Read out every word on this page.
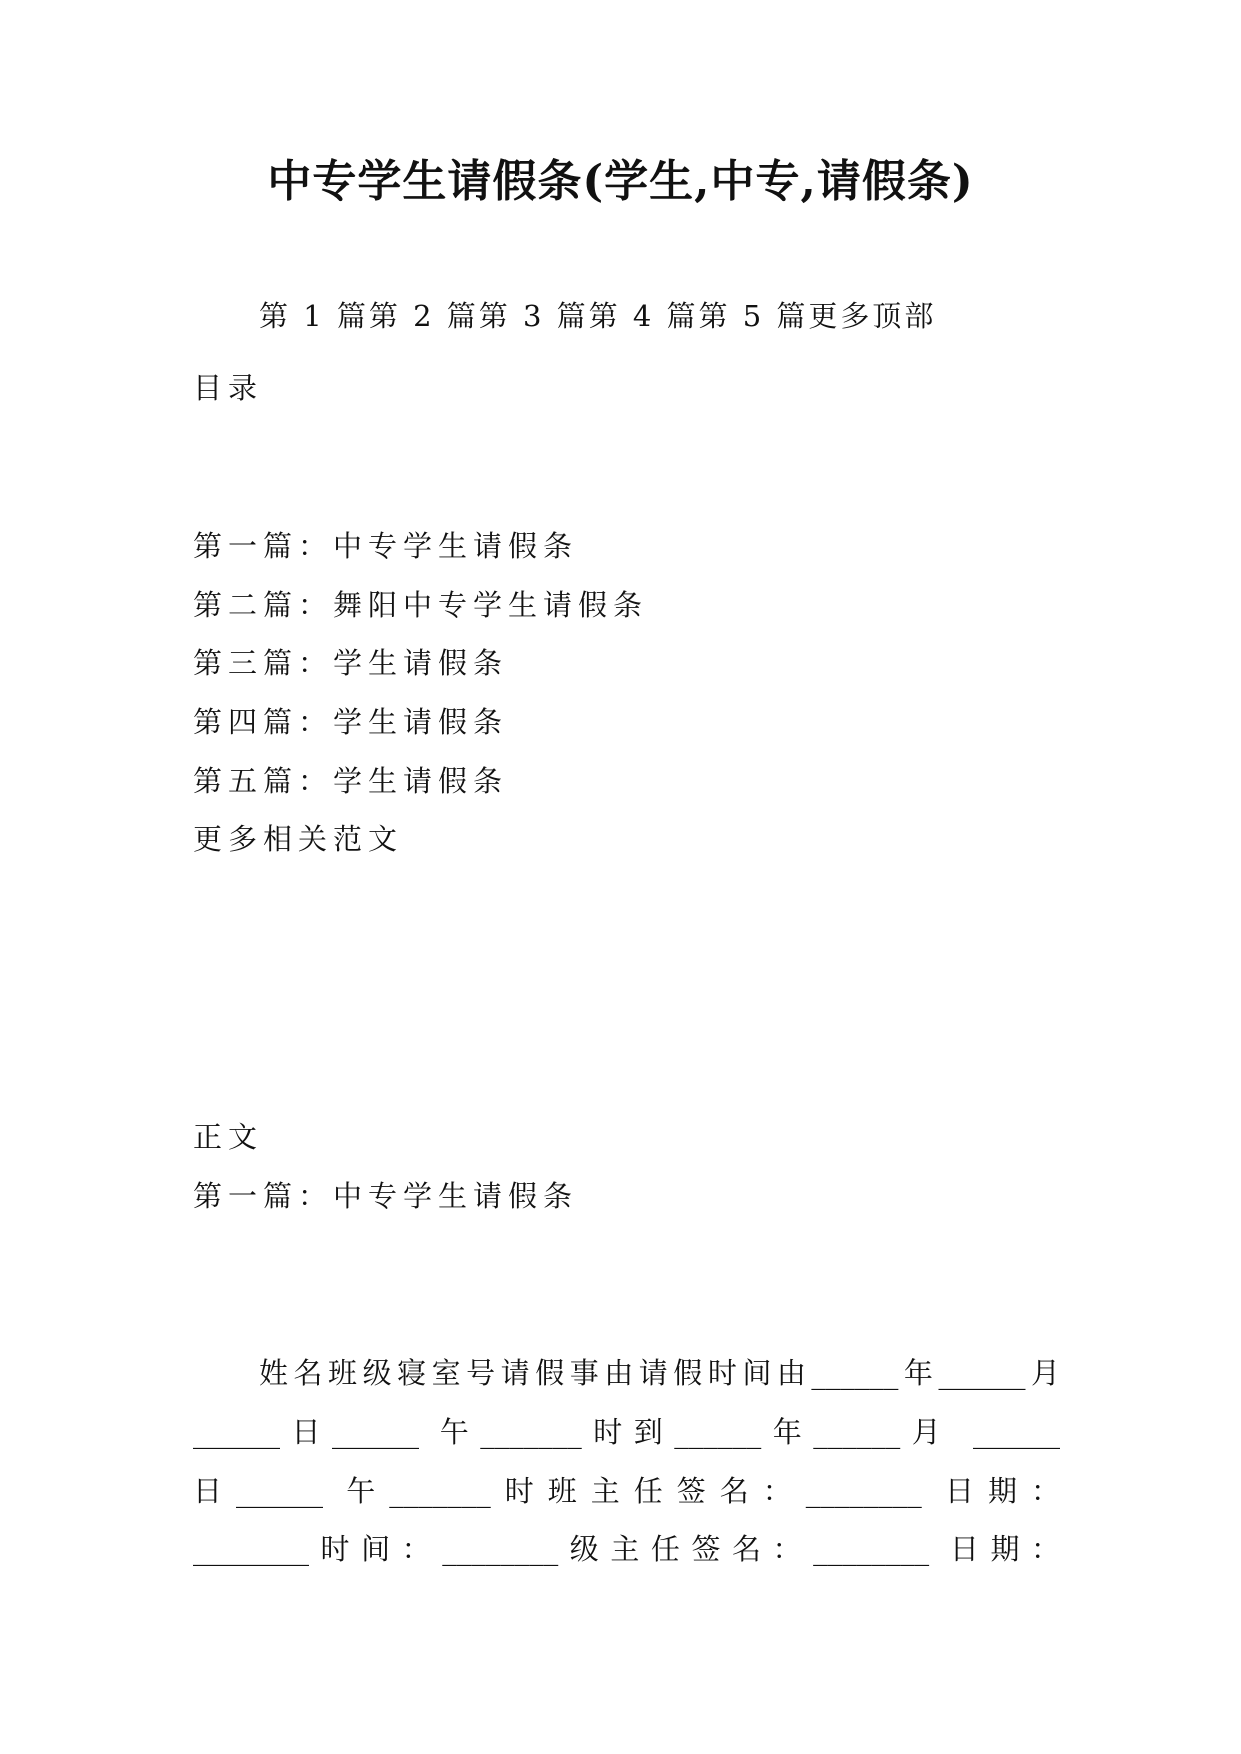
中专学生请假条(学生,中专,请假条)
第 1 篇第 2 篇第 3 篇第 4 篇第 5 篇更多顶部
目录
第一篇：中专学生请假条
第二篇：舞阳中专学生请假条
第三篇：学生请假条
第四篇：学生请假条
第五篇：学生请假条
更多相关范文
正文
第一篇：中专学生请假条
姓名班级寝室号请假事由请假时间由______年______月
______日______ 午_______时到______年______月 ______
日______ 午_______时班主任签名：________ 日期：
________时间：________级主任签名：________ 日期：
